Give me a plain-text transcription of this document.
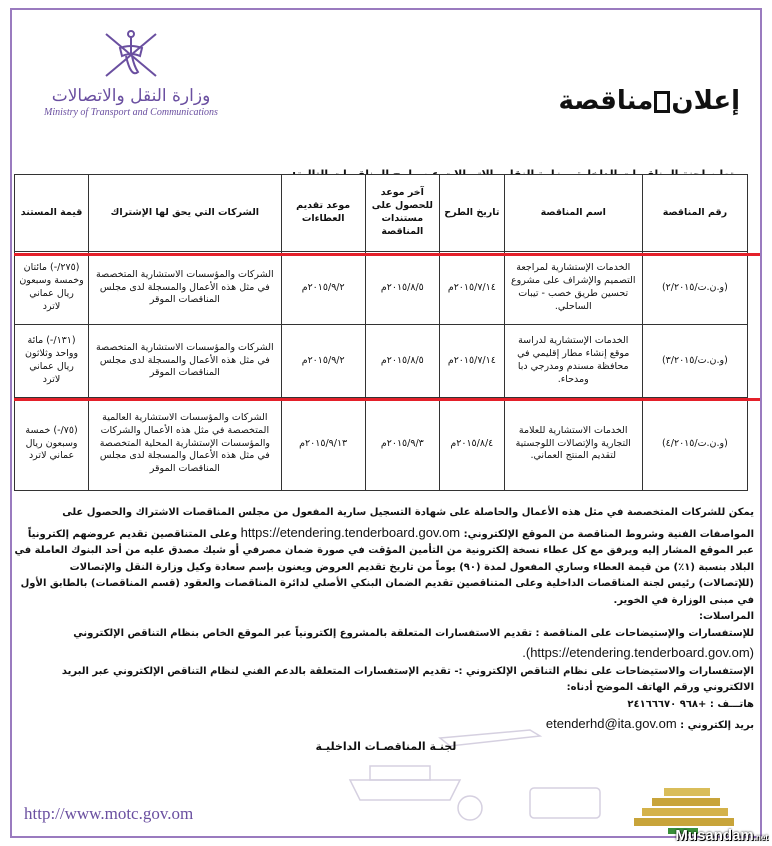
وزارة النقل والاتصالات
Ministry of Transport and Communications	إعلانمناقصة
رقم المناقصة	اسم المناقصة	تاريخ الطرح	آخر موعد للحصول على مستندات المناقصة	موعد تقديم العطاءات	الشركات التي يحق لها الإشتراك	قيمة المستند
(و.ن.ت/٢/٢٠١٥)	الخدمات الإستشارية لمراجعة التصميم والإشراف على مشروع تحسين طريق خصب - تيبات الساحلي.	٢٠١٥/٧/١٤م	٢٠١٥/٨/٥م	٢٠١٥/٩/٢م	الشركات والمؤسسات الاستشارية المتخصصة في مثل هذه الأعمال والمسجلة لدى مجلس المناقصات الموقر	(٢٧٥/-) مائتان وخمسة وسبعون ريال عماني لاترد
(و.ن.ت/٣/٢٠١٥)	الخدمات الإستشارية لدراسة موقع إنشاء مطار إقليمي في محافظة مسندم ومدرجي دبا ومدحاء.	٢٠١٥/٧/١٤م	٢٠١٥/٨/٥م	٢٠١٥/٩/٢م	الشركات والمؤسسات الاستشارية المتخصصة في مثل هذه الأعمال والمسجلة لدى مجلس المناقصات الموقر	(١٣١/-) مائة وواحد وثلاثون ريال عماني لاترد
(و.ن.ت/٤/٢٠١٥)	الخدمات الاستشارية للعلامة التجارية والإتصالات اللوجستية لتقديم المنتج العماني.	٢٠١٥/٨/٤م	٢٠١٥/٩/٣م	٢٠١٥/٩/١٣م	الشركات والمؤسسات الاستشارية العالمية المتخصصة في مثل هذه الأعمال والشركات والمؤسسات الإستشارية المحلية المتخصصة في مثل هذه الأعمال والمسجلة لدى مجلس المناقصات الموقر	(٧٥/-) خمسة وسبعون ريال عماني لاترد

يمكن للشركات المتخصصة في مثل هذه الأعمال والحاصلة على شهادة التسجيل سارية المفعول من مجلس المناقصات الاشتراك والحصول على المواصفات الفنية وشروط المناقصة من الموقع الإلكتروني: https://etendering.tenderboard.gov.om وعلى المتناقصين تقديم عروضهم إلكترونياً عبر الموقع المشار إليه ويرفق مع كل عطاء نسخة إلكترونية من التأمين المؤقت في صورة ضمان مصرفي أو شيك مصدق عليه من أحد البنوك العاملة في البلاد بنسبة (١٪) من قيمة العطاء وساري المفعول لمدة (٩٠) يوماً من تاريخ تقديم العروض ويعنون بإسم سعادة وكيل وزارة النقل والإتصالات (للإتصالات) رئيس لجنة المناقصات الداخلية وعلى المتناقصين تقديم الضمان البنكي الأصلي لدائرة المناقصات والعقود (قسم المناقصات) بالطابق الأول في مبنى الوزارة في الخوير.

المراسلات:

للإستفسارات والإستيضاحات على المناقصة : تقديم الاستفسارات المتعلقة بالمشروع إلكترونياً عبر الموقع الخاص بنظام التناقص الإلكتروني (https://etendering.tenderboard.gov.om).

الإستفسارات والاستيضاحات على نظام التناقص الإلكتروني :- تقديم الإستفسارات المتعلقة بالدعم الفني لنظام التناقص الإلكتروني عبر البريد الالكتروني ورقم الهاتف الموضح أدناه:

هاتـــف : +٩٦٨ ٢٤١٦٦٦٧٠

بريد إلكتروني : etenderhd@ita.gov.om

لجنـة المناقصـات الداخليـة
http://www.motc.gov.om
Musandam.net
